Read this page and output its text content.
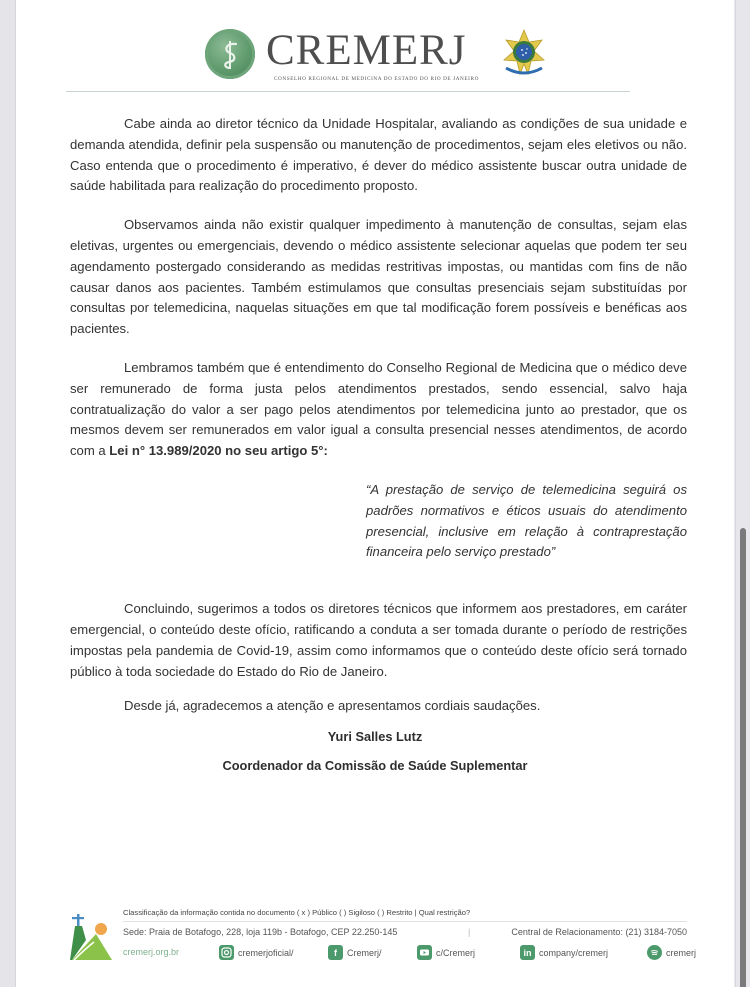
CREMERJ
CONSELHO REGIONAL DE MEDICINA DO ESTADO DO RIO DE JANEIRO

Cabe ainda ao diretor técnico da Unidade Hospitalar, avaliando as condições de sua unidade e demanda atendida, definir pela suspensão ou manutenção de procedimentos, sejam eles eletivos ou não. Caso entenda que o procedimento é imperativo, é dever do médico assistente buscar outra unidade de saúde habilitada para realização do procedimento proposto.

Observamos ainda não existir qualquer impedimento à manutenção de consultas, sejam elas eletivas, urgentes ou emergenciais, devendo o médico assistente selecionar aquelas que podem ter seu agendamento postergado considerando as medidas restritivas impostas, ou mantidas com fins de não causar danos aos pacientes. Também estimulamos que consultas presenciais sejam substituídas por consultas por telemedicina, naquelas situações em que tal modificação forem possíveis e benéficas aos pacientes.

Lembramos também que é entendimento do Conselho Regional de Medicina que o médico deve ser remunerado de forma justa pelos atendimentos prestados, sendo essencial, salvo haja contratualização do valor a ser pago pelos atendimentos por telemedicina junto ao prestador, que os mesmos devem ser remunerados em valor igual a consulta presencial nesses atendimentos, de acordo com a Lei n° 13.989/2020 no seu artigo 5°:

“A prestação de serviço de telemedicina seguirá os padrões normativos e éticos usuais do atendimento presencial, inclusive em relação à contraprestação financeira pelo serviço prestado”

Concluindo, sugerimos a todos os diretores técnicos que informem aos prestadores, em caráter emergencial, o conteúdo deste ofício, ratificando a conduta a ser tomada durante o período de restrições impostas pela pandemia de Covid-19, assim como informamos que o conteúdo deste ofício será tornado público à toda sociedade do Estado do Rio de Janeiro.

Desde já, agradecemos a atenção e apresentamos cordiais saudações.

Yuri Salles Lutz
Coordenador da Comissão de Saúde Suplementar
Classificação da informação contida no documento ( x ) Público ( ) Sigiloso ( ) Restrito | Qual restrição?
Sede: Praia de Botafogo, 228, loja 119b - Botafogo, CEP 22.250-145	|	Central de Relacionamento: (21) 3184-7050
cremerj.org.br	cremerjoficial/	f	Cremerj/	c/Cremerj	in company/cremerj	cremerj
